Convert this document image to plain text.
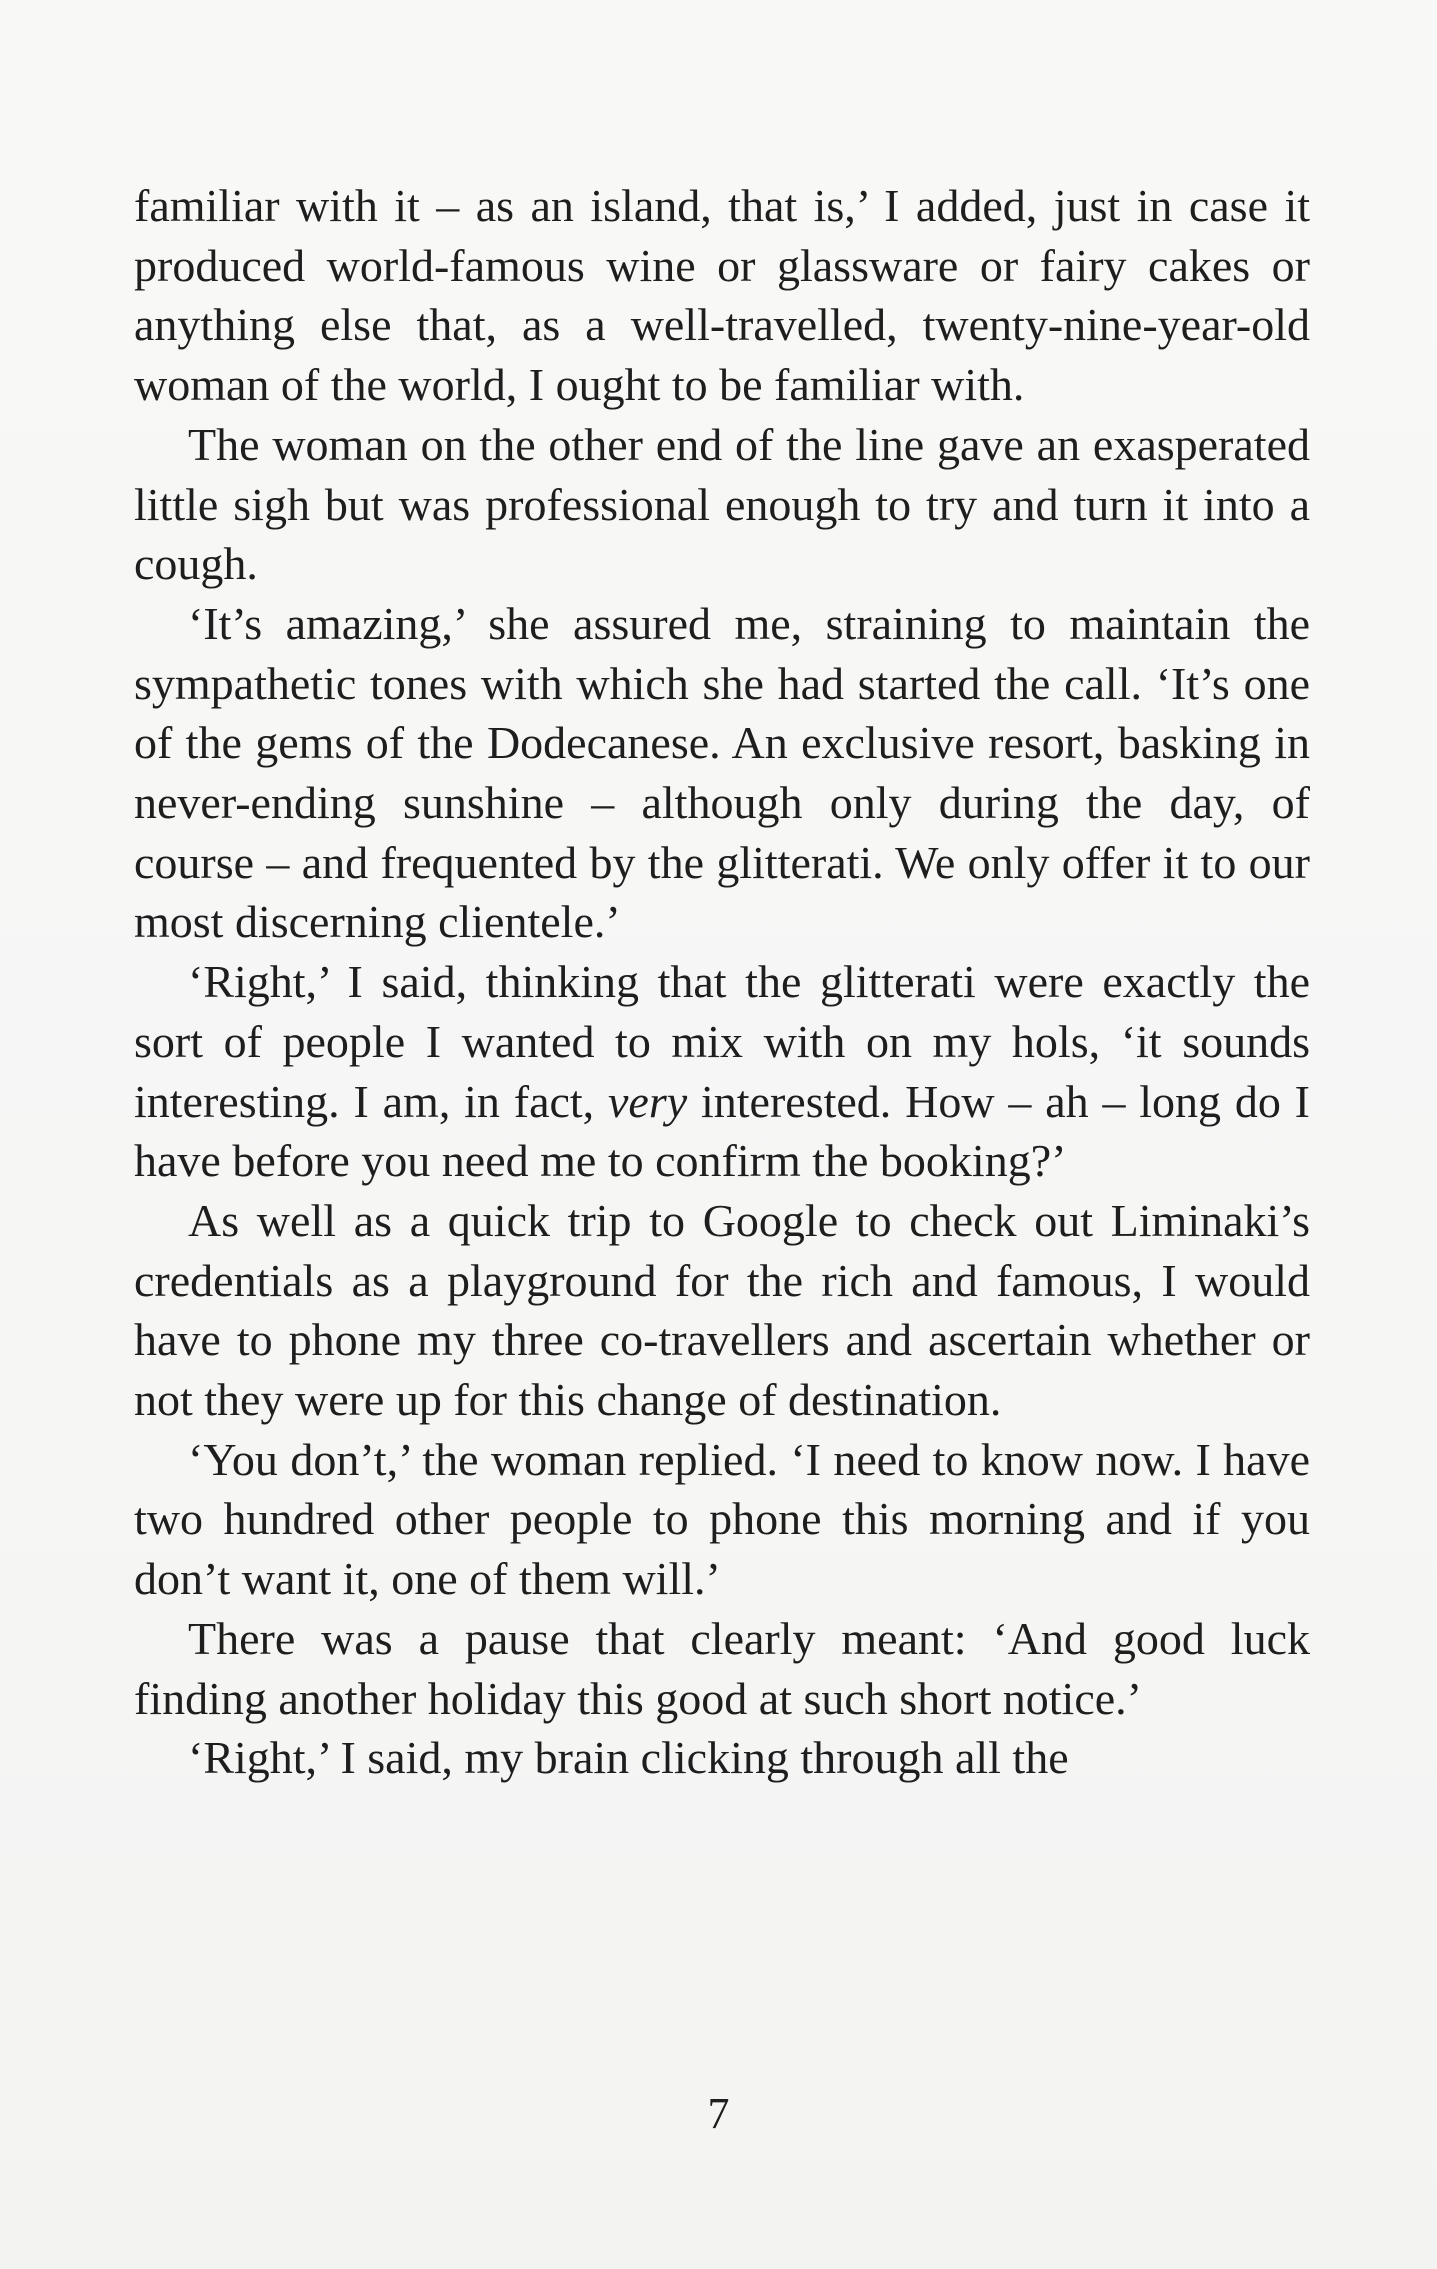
familiar with it – as an island, that is,’ I added, just in case it produced world-famous wine or glassware or fairy cakes or anything else that, as a well-travelled, twenty-nine-year-old woman of the world, I ought to be familiar with.

The woman on the other end of the line gave an exasperated little sigh but was professional enough to try and turn it into a cough.

‘It’s amazing,’ she assured me, straining to maintain the sympathetic tones with which she had started the call. ‘It’s one of the gems of the Dodecanese. An exclusive resort, basking in never-ending sunshine – although only during the day, of course – and frequented by the glitterati. We only offer it to our most discerning clientele.’

‘Right,’ I said, thinking that the glitterati were exactly the sort of people I wanted to mix with on my hols, ‘it sounds interesting. I am, in fact, very interested. How – ah – long do I have before you need me to confirm the booking?’

As well as a quick trip to Google to check out Liminaki’s credentials as a playground for the rich and famous, I would have to phone my three co-travellers and ascertain whether or not they were up for this change of destination.

‘You don’t,’ the woman replied. ‘I need to know now. I have two hundred other people to phone this morning and if you don’t want it, one of them will.’

There was a pause that clearly meant: ‘And good luck finding another holiday this good at such short notice.’

‘Right,’ I said, my brain clicking through all the

7
